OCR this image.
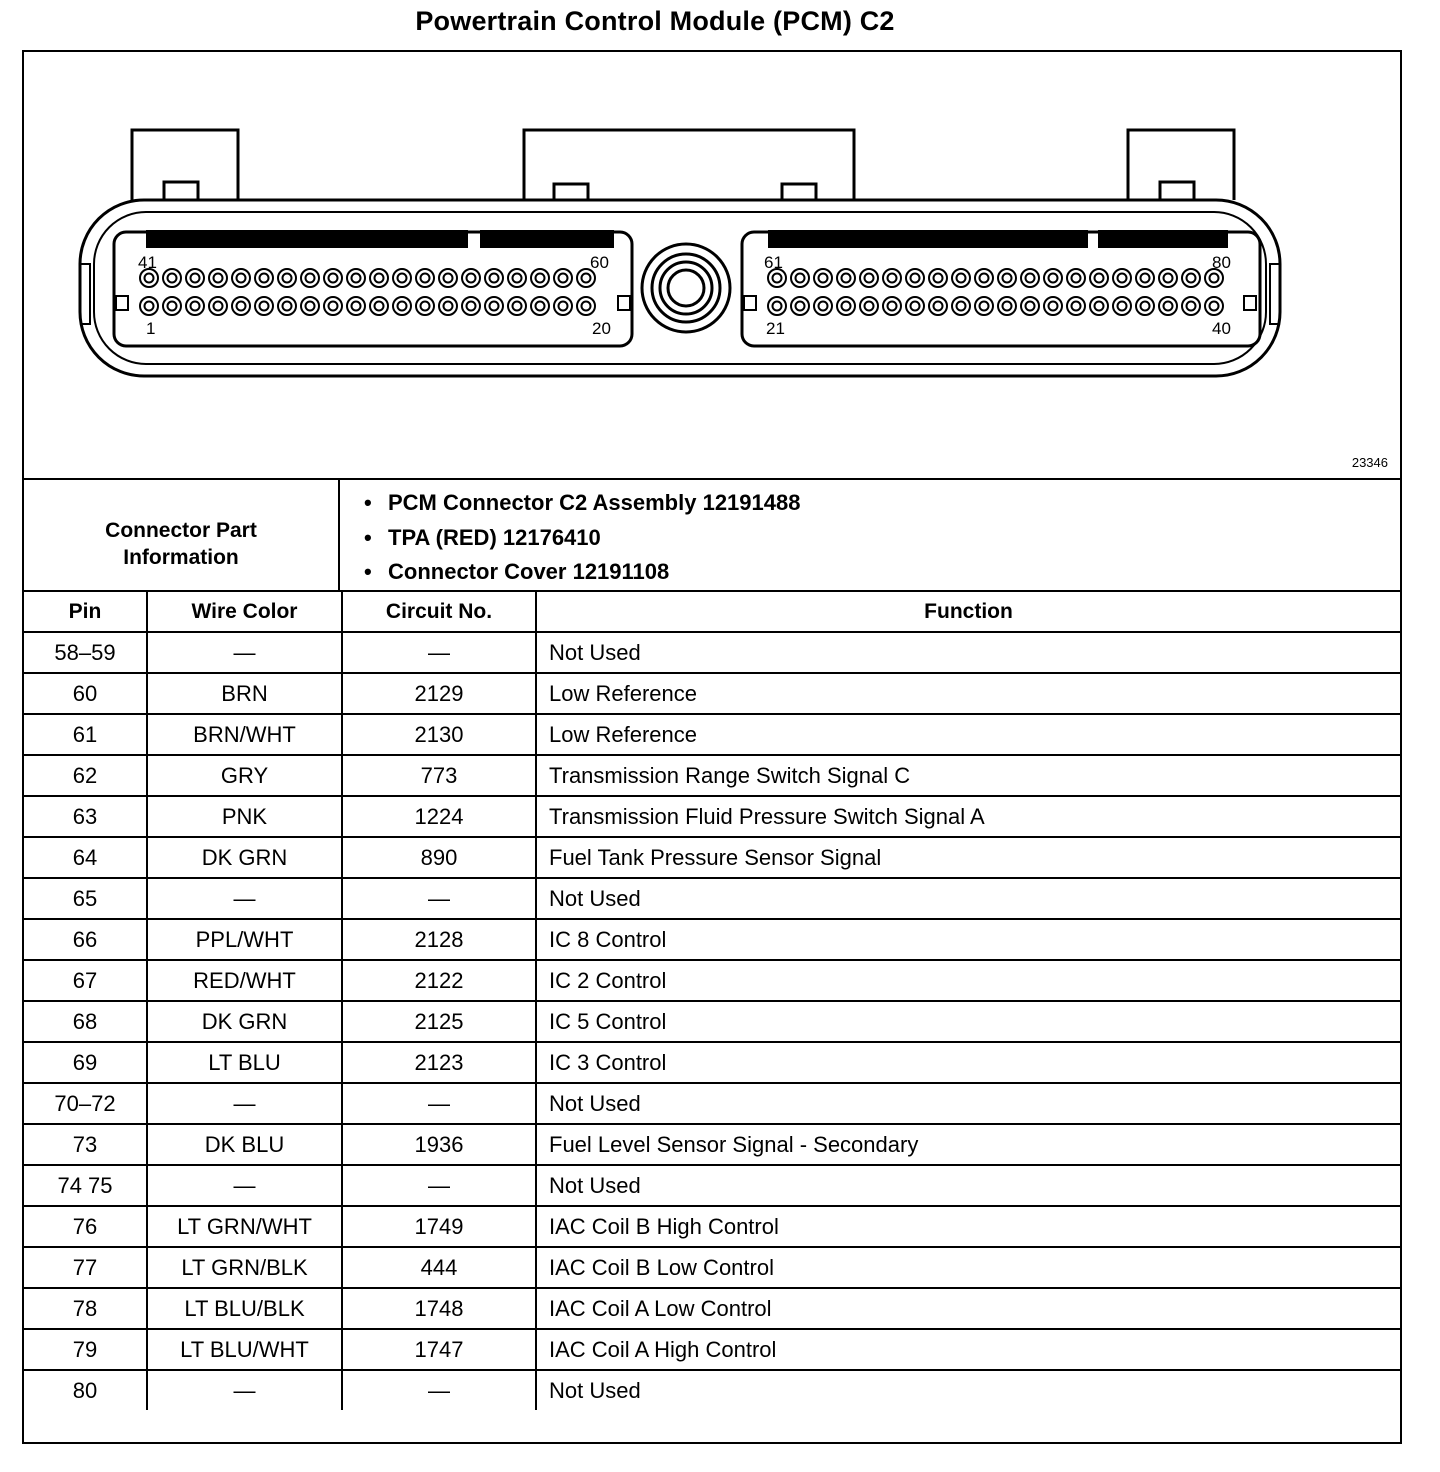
Powertrain Control Module (PCM) C2
41	60
1	20
61	80
21	40
23346
Connector Part Information
• PCM Connector C2 Assembly 12191488
• TPA (RED) 12176410
• Connector Cover 12191108
Pin	Wire Color	Circuit No.	Function
58–59	—	—	Not Used
60	BRN	2129	Low Reference
61	BRN/WHT	2130	Low Reference
62	GRY	773	Transmission Range Switch Signal C
63	PNK	1224	Transmission Fluid Pressure Switch Signal A
64	DK GRN	890	Fuel Tank Pressure Sensor Signal
65	—	—	Not Used
66	PPL/WHT	2128	IC 8 Control
67	RED/WHT	2122	IC 2 Control
68	DK GRN	2125	IC 5 Control
69	LT BLU	2123	IC 3 Control
70–72	—	—	Not Used
73	DK BLU	1936	Fuel Level Sensor Signal - Secondary
74 75	—	—	Not Used
76	LT GRN/WHT	1749	IAC Coil B High Control
77	LT GRN/BLK	444	IAC Coil B Low Control
78	LT BLU/BLK	1748	IAC Coil A Low Control
79	LT BLU/WHT	1747	IAC Coil A High Control
80	—	—	Not Used
